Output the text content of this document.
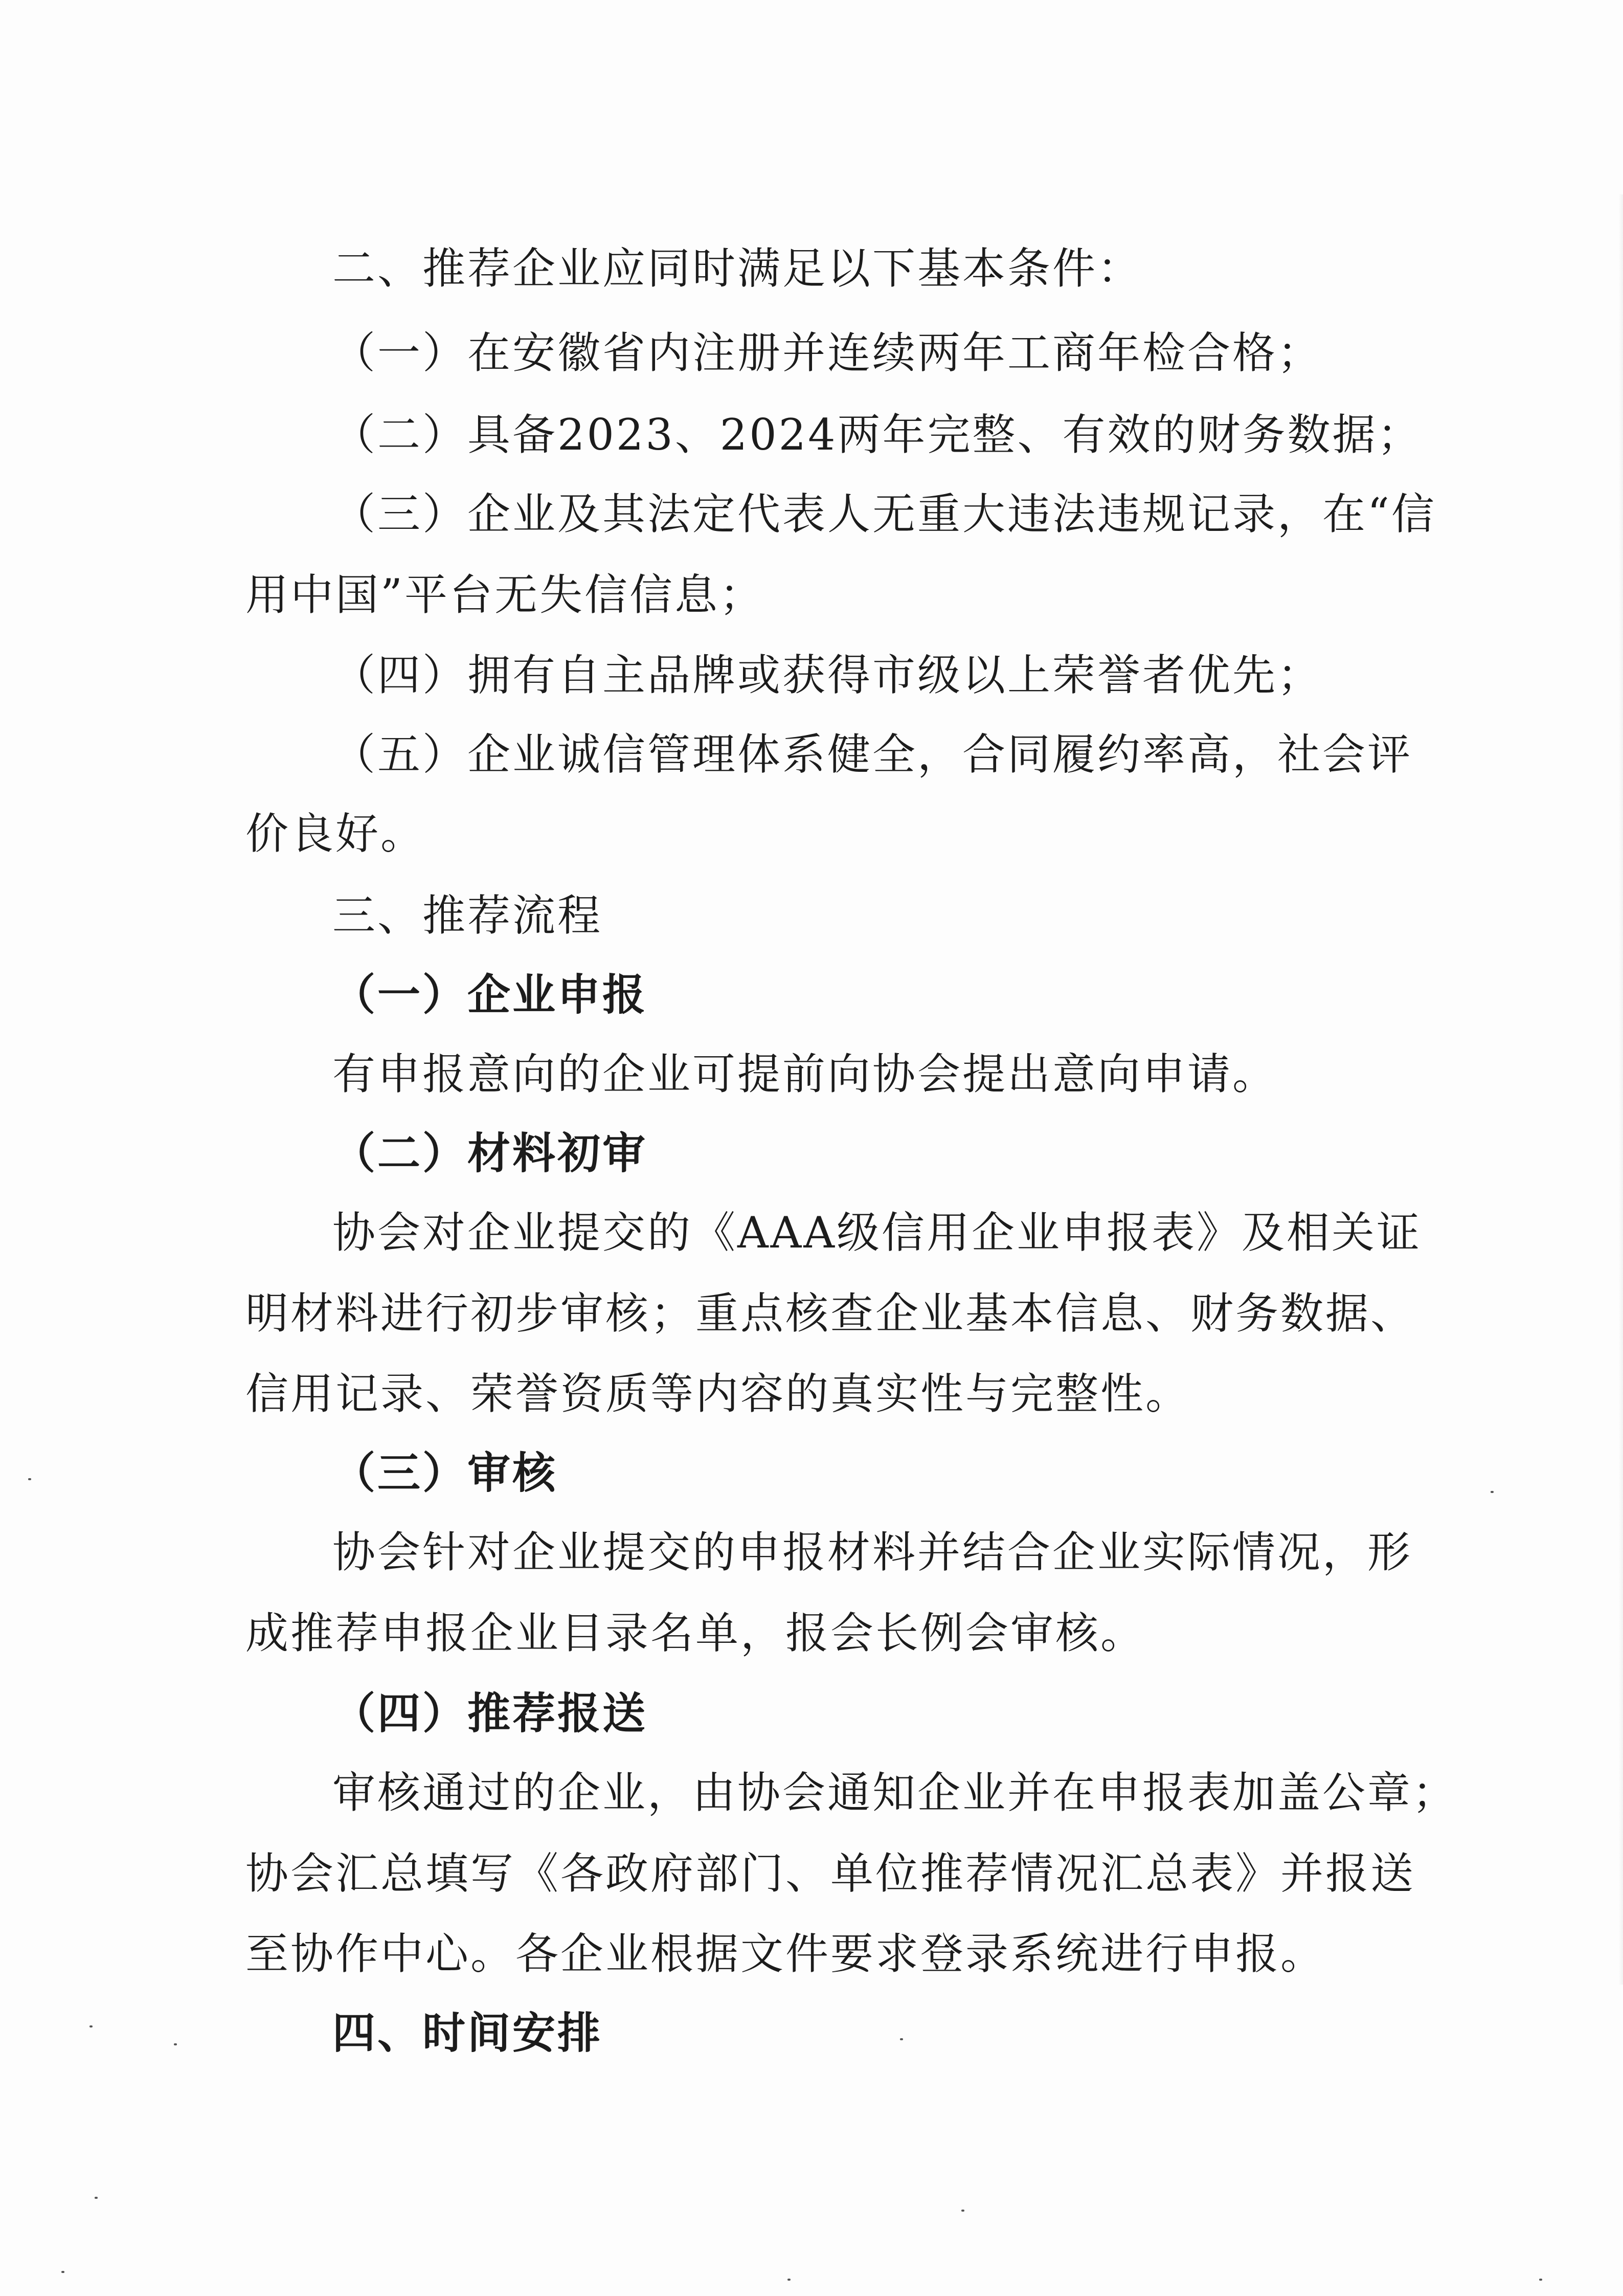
二、推荐企业应同时满足以下基本条件：
（一）在安徽省内注册并连续两年工商年检合格；
（二）具备2023、2024两年完整、有效的财务数据；
（三）企业及其法定代表人无重大违法违规记录，在“信
用中国”平台无失信信息；
（四）拥有自主品牌或获得市级以上荣誉者优先；
（五）企业诚信管理体系健全，合同履约率高，社会评
价良好。
三、推荐流程
（一）企业申报
有申报意向的企业可提前向协会提出意向申请。
（二）材料初审
协会对企业提交的《AAA级信用企业申报表》及相关证
明材料进行初步审核；重点核查企业基本信息、财务数据、
信用记录、荣誉资质等内容的真实性与完整性。
（三）审核
协会针对企业提交的申报材料并结合企业实际情况，形
成推荐申报企业目录名单，报会长例会审核。
（四）推荐报送
审核通过的企业，由协会通知企业并在申报表加盖公章；
协会汇总填写《各政府部门、单位推荐情况汇总表》并报送
至协作中心。各企业根据文件要求登录系统进行申报。
四、时间安排
